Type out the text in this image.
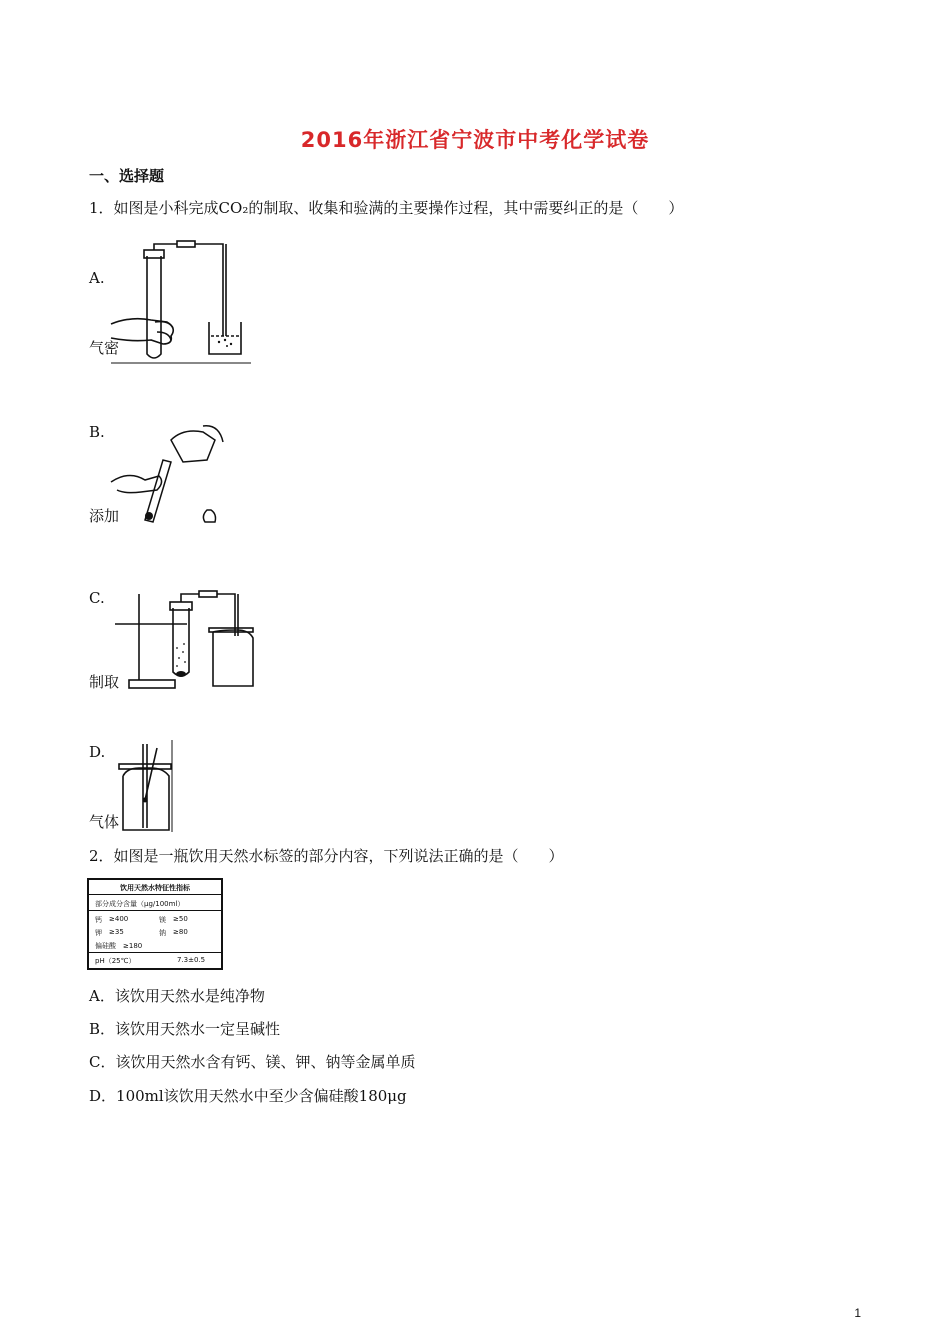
2016年浙江省宁波市中考化学试卷
一、选择题
1．如图是小科完成CO₂的制取、收集和验满的主要操作过程，其中需要纠正的是（　　）
A.
气密
B.
添加
C.
制取
D.
气体
2．如图是一瓶饮用天然水标签的部分内容，下列说法正确的是（　　）
饮用天然水特征性指标
部分成分含量（μg/100ml）
钙 ≥400	镁 ≥50
钾 ≥35	钠 ≥80
偏硅酸　≥180
pH（25℃）	7.3±0.5
A．该饮用天然水是纯净物
B．该饮用天然水一定呈碱性
C．该饮用天然水含有钙、镁、钾、钠等金属单质
D．100ml该饮用天然水中至少含偏硅酸180μg
1
